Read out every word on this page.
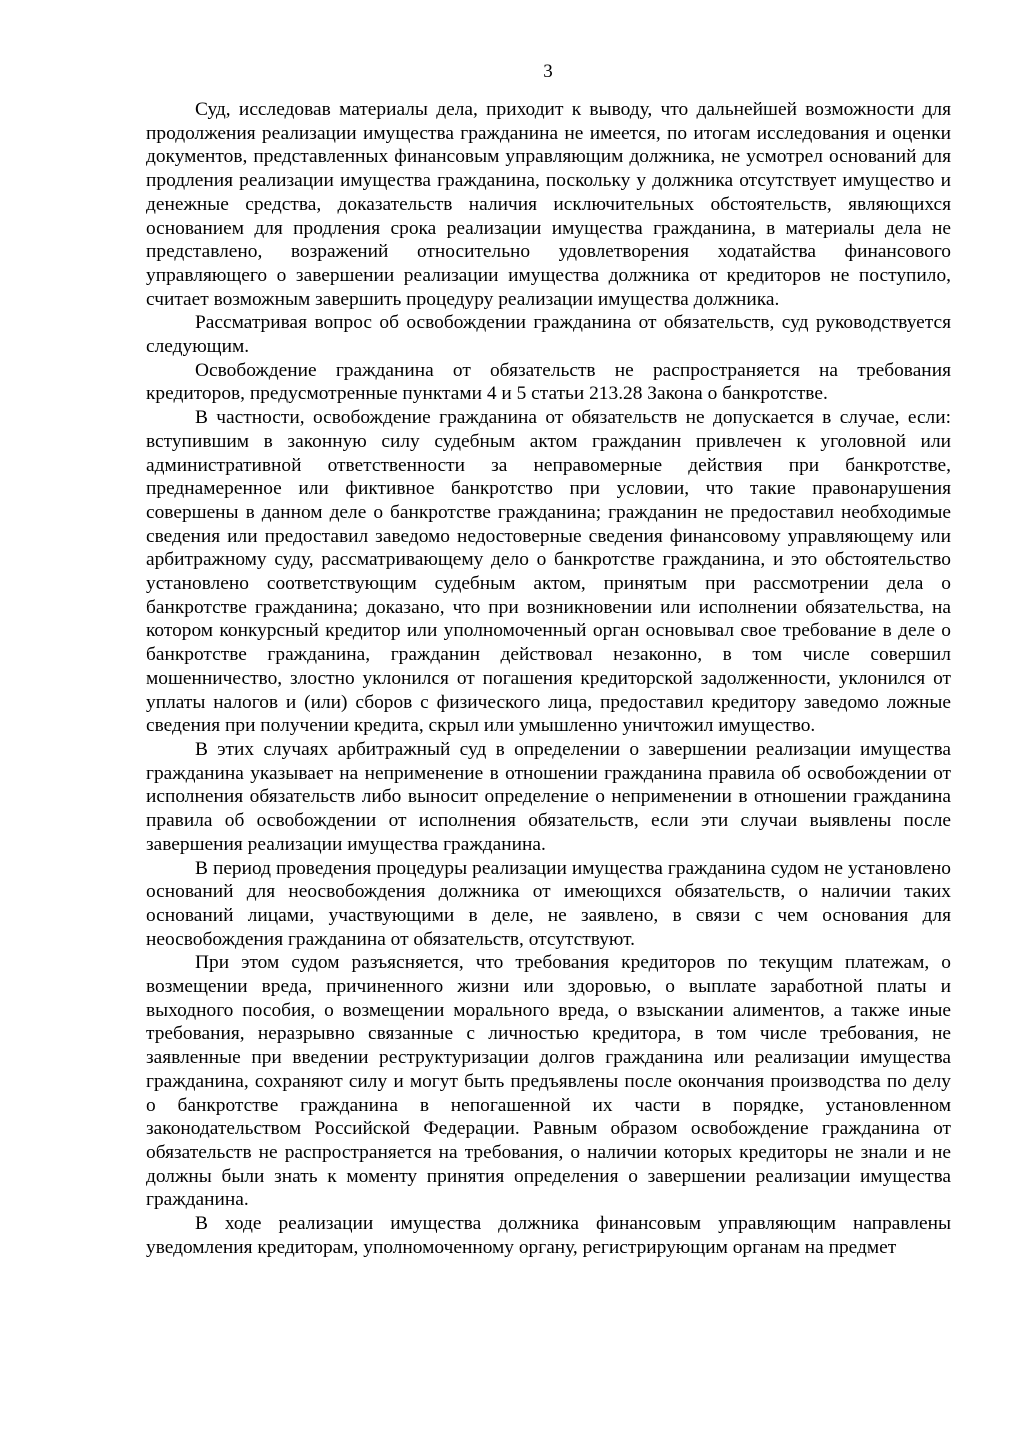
3

Суд, исследовав материалы дела, приходит к выводу, что дальнейшей возможности для продолжения реализации имущества гражданина не имеется, по итогам исследования и оценки документов, представленных финансовым управляющим должника, не усмотрел оснований для продления реализации имущества гражданина, поскольку у должника отсутствует имущество и денежные средства, доказательств наличия исключительных обстоятельств, являющихся основанием для продления срока реализации имущества гражданина, в материалы дела не представлено, возражений относительно удовлетворения ходатайства финансового управляющего о завершении реализации имущества должника от кредиторов не поступило, считает возможным завершить процедуру реализации имущества должника.

Рассматривая вопрос об освобождении гражданина от обязательств, суд руководствуется следующим.

Освобождение гражданина от обязательств не распространяется на требования кредиторов, предусмотренные пунктами 4 и 5 статьи 213.28 Закона о банкротстве.

В частности, освобождение гражданина от обязательств не допускается в случае, если: вступившим в законную силу судебным актом гражданин привлечен к уголовной или административной ответственности за неправомерные действия при банкротстве, преднамеренное или фиктивное банкротство при условии, что такие правонарушения совершены в данном деле о банкротстве гражданина; гражданин не предоставил необходимые сведения или предоставил заведомо недостоверные сведения финансовому управляющему или арбитражному суду, рассматривающему дело о банкротстве гражданина, и это обстоятельство установлено соответствующим судебным актом, принятым при рассмотрении дела о банкротстве гражданина; доказано, что при возникновении или исполнении обязательства, на котором конкурсный кредитор или уполномоченный орган основывал свое требование в деле о банкротстве гражданина, гражданин действовал незаконно, в том числе совершил мошенничество, злостно уклонился от погашения кредиторской задолженности, уклонился от уплаты налогов и (или) сборов с физического лица, предоставил кредитору заведомо ложные сведения при получении кредита, скрыл или умышленно уничтожил имущество.

В этих случаях арбитражный суд в определении о завершении реализации имущества гражданина указывает на неприменение в отношении гражданина правила об освобождении от исполнения обязательств либо выносит определение о неприменении в отношении гражданина правила об освобождении от исполнения обязательств, если эти случаи выявлены после завершения реализации имущества гражданина.

В период проведения процедуры реализации имущества гражданина судом не установлено оснований для неосвобождения должника от имеющихся обязательств, о наличии таких оснований лицами, участвующими в деле, не заявлено, в связи с чем основания для неосвобождения гражданина от обязательств, отсутствуют.

При этом судом разъясняется, что требования кредиторов по текущим платежам, о возмещении вреда, причиненного жизни или здоровью, о выплате заработной платы и выходного пособия, о возмещении морального вреда, о взыскании алиментов, а также иные требования, неразрывно связанные с личностью кредитора, в том числе требования, не заявленные при введении реструктуризации долгов гражданина или реализации имущества гражданина, сохраняют силу и могут быть предъявлены после окончания производства по делу о банкротстве гражданина в непогашенной их части в порядке, установленном законодательством Российской Федерации. Равным образом освобождение гражданина от обязательств не распространяется на требования, о наличии которых кредиторы не знали и не должны были знать к моменту принятия определения о завершении реализации имущества гражданина.

В ходе реализации имущества должника финансовым управляющим направлены уведомления кредиторам, уполномоченному органу, регистрирующим органам на предмет
